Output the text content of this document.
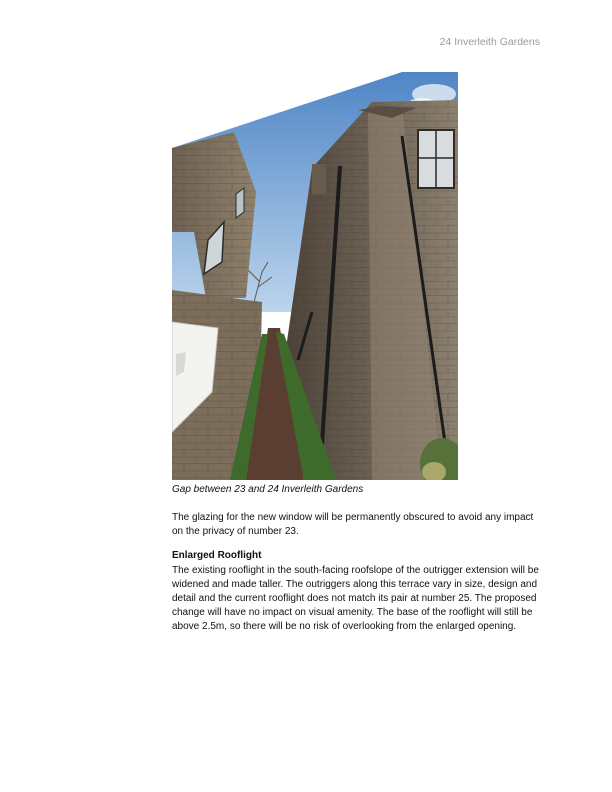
24 Inverleith Gardens
Gap between 23 and 24 Inverleith Gardens

The glazing for the new window will be permanently obscured to avoid any impact on the privacy of number 23.

Enlarged Rooflight

The existing rooflight in the south-facing roofslope of the outrigger extension will be widened and made taller. The outriggers along this terrace vary in size, design and detail and the current rooflight does not match its pair at number 25. The proposed change will have no impact on visual amenity. The base of the rooflight will still be above 2.5m, so there will be no risk of overlooking from the enlarged opening.
